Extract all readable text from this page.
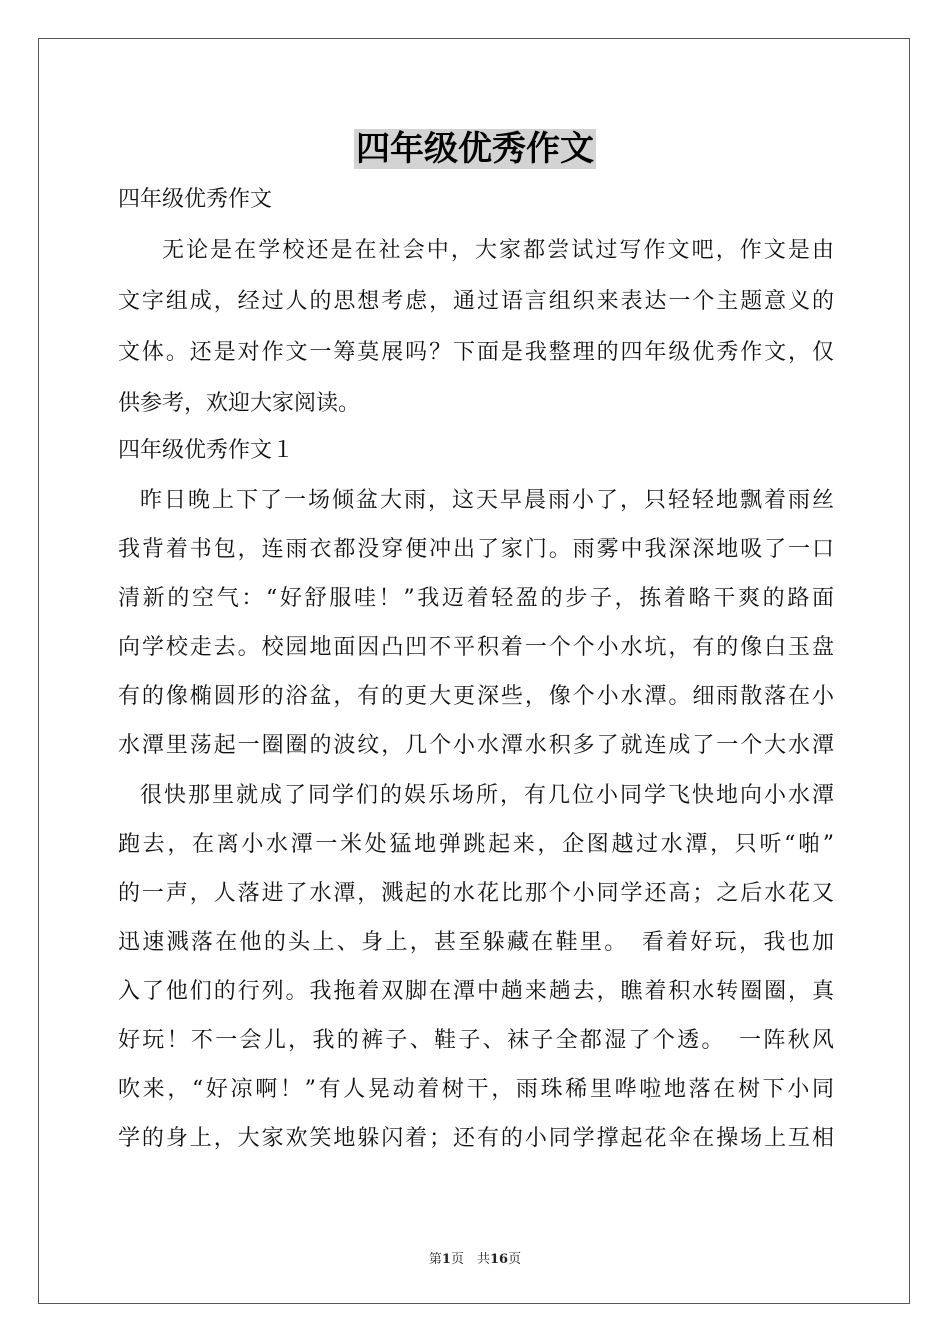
四年级优秀作文
四年级优秀作文
无论是在学校还是在社会中，大家都尝试过写作文吧，作文是由
文字组成，经过人的思想考虑，通过语言组织来表达一个主题意义的
文体。还是对作文一筹莫展吗？下面是我整理的四年级优秀作文，仅
供参考，欢迎大家阅读。
四年级优秀作文１
昨日晚上下了一场倾盆大雨，这天早晨雨小了，只轻轻地飘着雨丝
我背着书包，连雨衣都没穿便冲出了家门。雨雾中我深深地吸了一口
清新的空气：“好舒服哇！”我迈着轻盈的步子，拣着略干爽的路面
向学校走去。校园地面因凸凹不平积着一个个小水坑，有的像白玉盘
有的像椭圆形的浴盆，有的更大更深些，像个小水潭。细雨散落在小
水潭里荡起一圈圈的波纹，几个小水潭水积多了就连成了一个大水潭
很快那里就成了同学们的娱乐场所，有几位小同学飞快地向小水潭
跑去，在离小水潭一米处猛地弹跳起来，企图越过水潭，只听“啪”
的一声，人落进了水潭，溅起的水花比那个小同学还高；之后水花又
迅速溅落在他的头上、身上，甚至躲藏在鞋里。　看着好玩，我也加
入了他们的行列。我拖着双脚在潭中趟来趟去，瞧着积水转圈圈，真
好玩！不一会儿，我的裤子、鞋子、袜子全都湿了个透。　一阵秋风
吹来，“好凉啊！”有人晃动着树干，雨珠稀里哗啦地落在树下小同
学的身上，大家欢笑地躲闪着；还有的小同学撑起花伞在操场上互相
第1页　共16页
